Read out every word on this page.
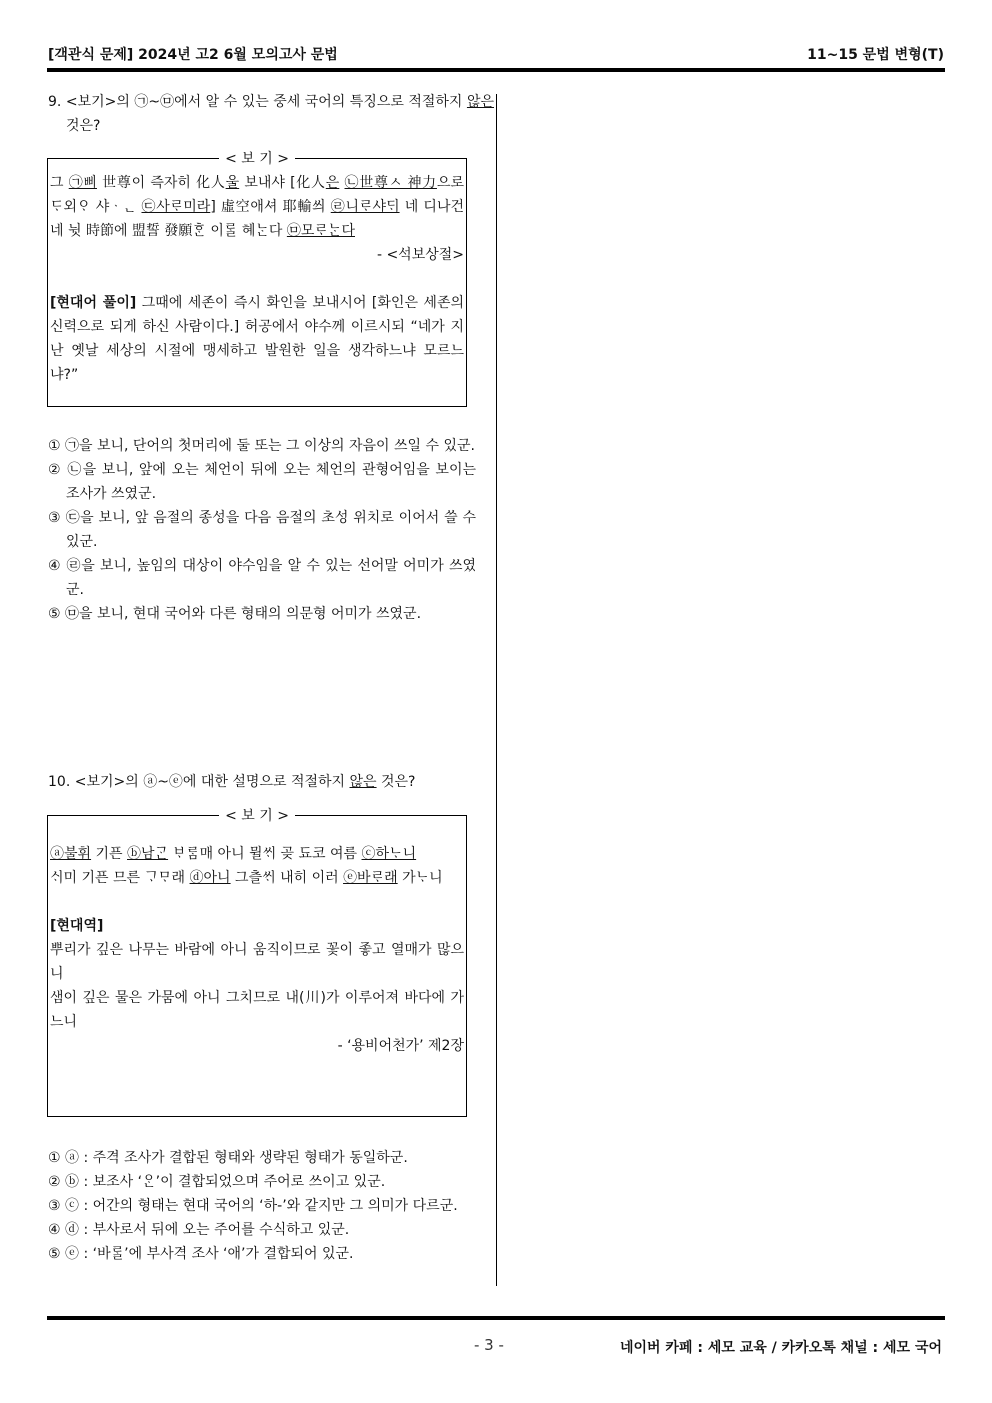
[객관식 문제] 2024년 고2 6월 모의고사 문법	11~15 문법 변형(T)
9. <보기>의 ㉠~㉤에서 알 수 있는 중세 국어의 특징으로 적절하지 않은 것은?
< 보 기 >
그 ㉠삐 世尊이 즉자히 化人울 보내샤 [化人은 ㉡世尊ㅅ 神力으로 ᄃᆞ외ᄋᆞ 샤ᆞᆫ ㉢사ᄅᆞ미라] 虛空애셔 耶輸씌 ㉣니ᄅᆞ샤ᄃᆡ 네 디나건 네 뉫 時節에 盟誓 發願ᄒᆞᆫ 이ᄅᆞᆯ 혜ᄂᆞᆫ다 ㉤모ᄅᆞᄂᆞᆫ다
- <석보상절>
[현대어 풀이] 그때에 세존이 즉시 화인을 보내시어 [화인은 세존의 신력으로 되게 하신 사람이다.] 허공에서 야수께 이르시되 “네가 지난 옛날 세상의 시절에 맹세하고 발원한 일을 생각하느냐 모르느냐?”
① ㉠을 보니, 단어의 첫머리에 둘 또는 그 이상의 자음이 쓰일 수 있군.
② ㉡을 보니, 앞에 오는 체언이 뒤에 오는 체언의 관형어임을 보이는 조사가 쓰였군.
③ ㉢을 보니, 앞 음절의 종성을 다음 음절의 초성 위치로 이어서 쓸 수 있군.
④ ㉣을 보니, 높임의 대상이 야수임을 알 수 있는 선어말 어미가 쓰였군.
⑤ ㉤을 보니, 현대 국어와 다른 형태의 의문형 어미가 쓰였군.
10. <보기>의 ⓐ~ⓔ에 대한 설명으로 적절하지 않은 것은?
< 보 기 >
ⓐ불휘 기픈 ⓑ남ᄀᆞᆫ ᄇᆞᄅᆞᆷ매 아니 뮐ᄊᆡ 곶 됴코 여름 ⓒ하ᄂᆞ니
ᄉᆡ미 기픈 므른 ᄀᆞᄆᆞ래 ⓓ아니 그츨ᄊᆡ 내히 이러 ⓔ바ᄅᆞ래 가ᄂᆞ니
[현대역]
뿌리가 깊은 나무는 바람에 아니 움직이므로 꽃이 좋고 열매가 많으니
샘이 깊은 물은 가뭄에 아니 그치므로 내(川)가 이루어져 바다에 가느니
- ‘용비어천가’ 제2장
① ⓐ : 주격 조사가 결합된 형태와 생략된 형태가 동일하군.
② ⓑ : 보조사 ‘ᄋᆞᆫ’이 결합되었으며 주어로 쓰이고 있군.
③ ⓒ : 어간의 형태는 현대 국어의 ‘하-’와 같지만 그 의미가 다르군.
④ ⓓ : 부사로서 뒤에 오는 주어를 수식하고 있군.
⑤ ⓔ : ‘바ᄅᆞᆯ’에 부사격 조사 ‘애’가 결합되어 있군.
- 3 -	네이버 카페 : 세모 교육 / 카카오톡 채널 : 세모 국어
